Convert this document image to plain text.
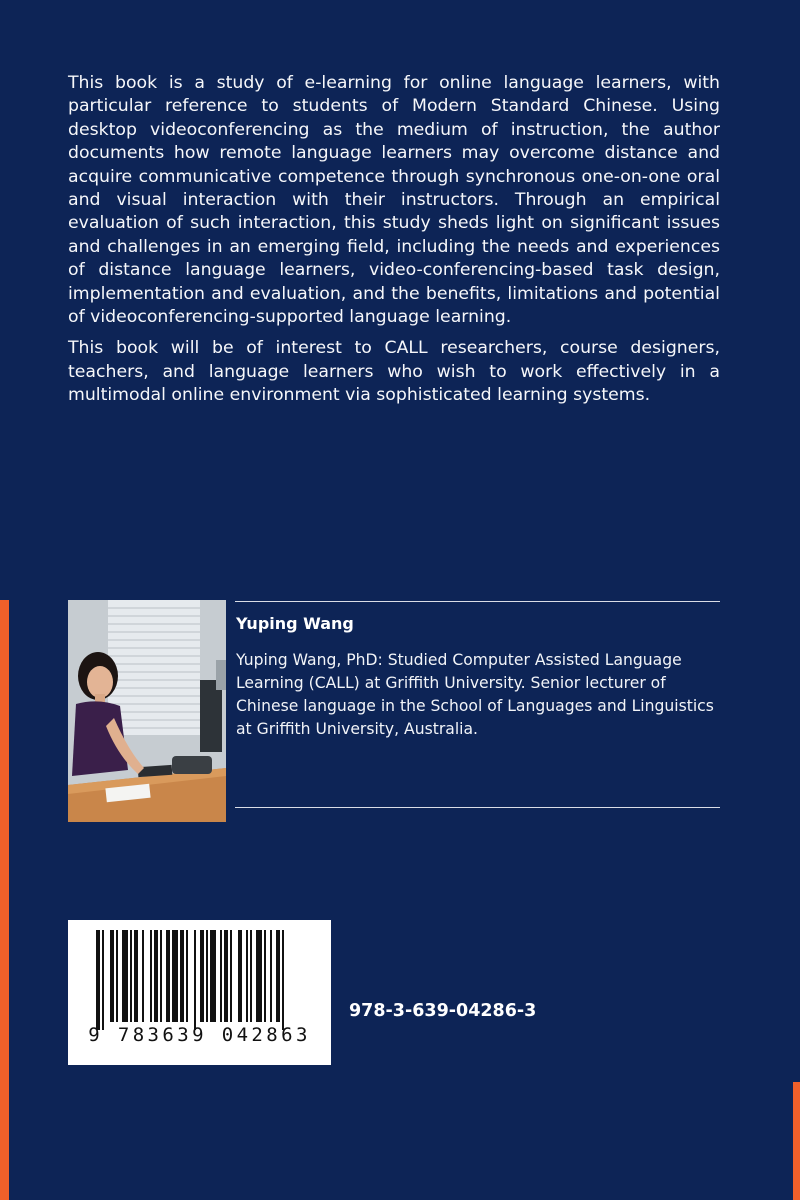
This book is a study of e-learning for online language learners, with particular reference to students of Modern Standard Chinese. Using desktop videoconferencing as the medium of instruction, the author documents how remote language learners may overcome distance and acquire communicative competence through synchronous one-on-one oral and visual interaction with their instructors. Through an empirical evaluation of such interaction, this study sheds light on significant issues and challenges in an emerging field, including the needs and experiences of distance language learners, video-conferencing-based task design, implementation and evaluation, and the benefits, limitations and potential of videoconferencing-supported language learning.

This book will be of interest to CALL researchers, course designers, teachers, and language learners who wish to work effectively in a multimodal online environment via sophisticated learning systems.

Yuping Wang
Yuping Wang, PhD: Studied Computer Assisted Language Learning (CALL) at Griffith University. Senior lecturer of Chinese language in the School of Languages and Linguistics at Griffith University, Australia.
9 783639 042863
978-3-639-04286-3
